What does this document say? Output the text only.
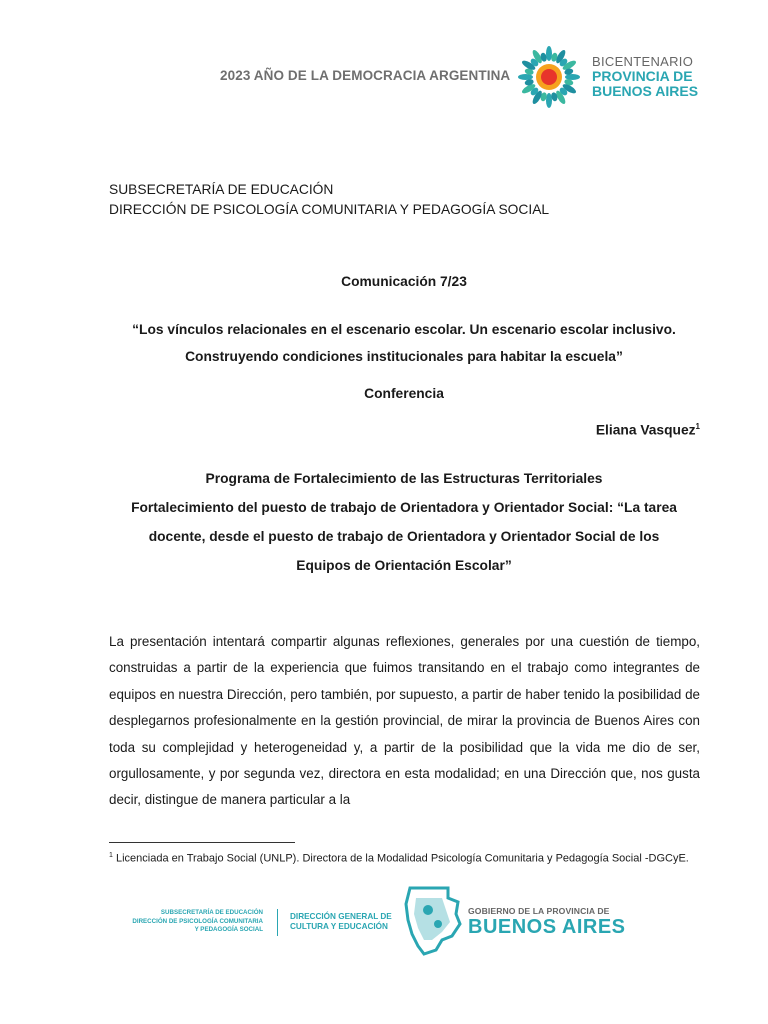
2023 AÑO DE LA DEMOCRACIA ARGENTINA
BICENTENARIO
PROVINCIA DE
BUENOS AIRES
SUBSECRETARÍA DE EDUCACIÓN
DIRECCIÓN DE PSICOLOGÍA COMUNITARIA Y PEDAGOGÍA SOCIAL
Comunicación 7/23
“Los vínculos relacionales en el escenario escolar. Un escenario escolar inclusivo.
Construyendo condiciones institucionales para habitar la escuela”
Conferencia
Eliana Vasquez$^1$
Programa de Fortalecimiento de las Estructuras Territoriales
Fortalecimiento del puesto de trabajo de Orientadora y Orientador Social: “La tarea
docente, desde el puesto de trabajo de Orientadora y Orientador Social de los
Equipos de Orientación Escolar”
La presentación intentará compartir algunas reflexiones, generales por una cuestión de tiempo, construidas a partir de la experiencia que fuimos transitando en el trabajo como integrantes de equipos en nuestra Dirección, pero también, por supuesto, a partir de haber tenido la posibilidad de desplegarnos profesionalmente en la gestión provincial, de mirar la provincia de Buenos Aires con toda su complejidad y heterogeneidad y, a partir de la posibilidad que la vida me dio de ser, orgullosamente, y por segunda vez, directora en esta modalidad; en una Dirección que, nos gusta decir, distingue de manera particular a la
$^1$ Licenciada en Trabajo Social (UNLP). Directora de la Modalidad Psicología Comunitaria y Pedagogía Social -DGCyE.
SUBSECRETARÍA DE EDUCACIÓN
DIRECCIÓN DE PSICOLOGÍA COMUNITARIA
Y PEDAGOGÍA SOCIAL
DIRECCIÓN GENERAL DE
CULTURA Y EDUCACIÓN
GOBIERNO DE LA PROVINCIA DE
BUENOS AIRES
